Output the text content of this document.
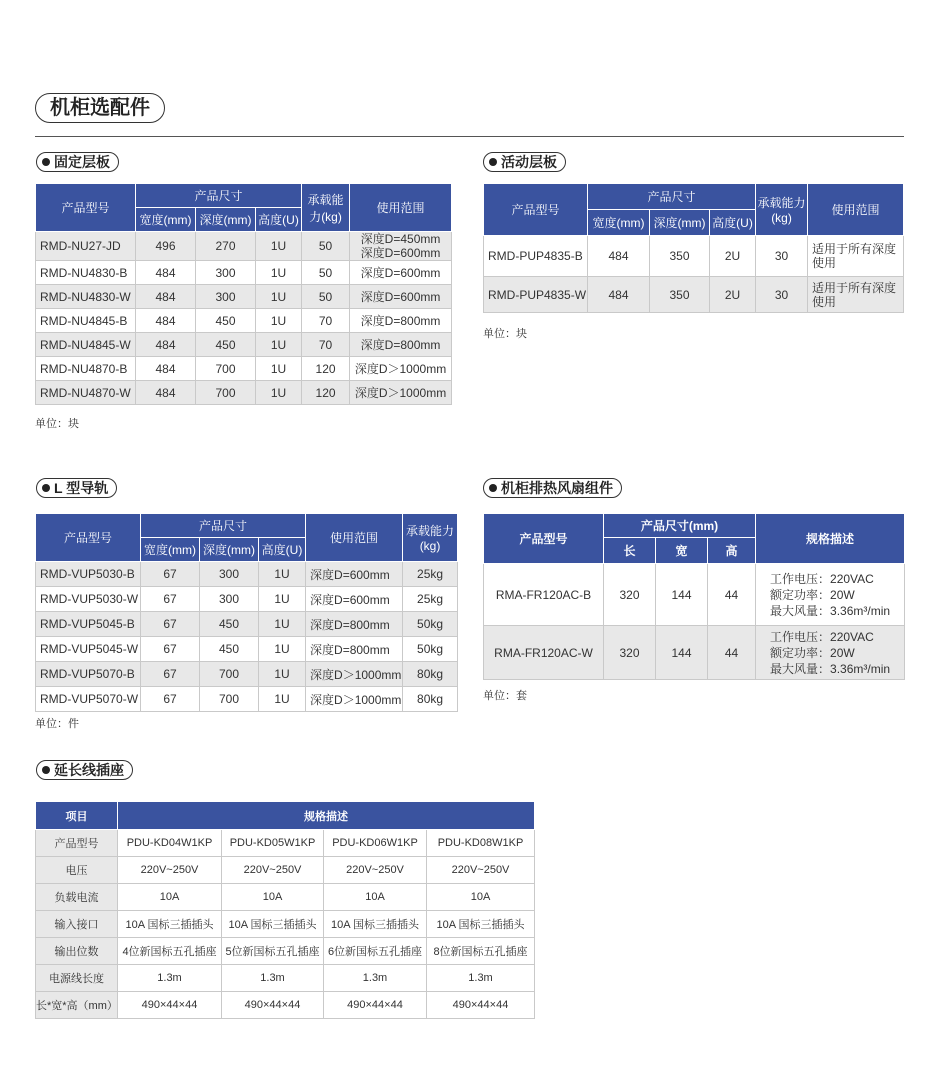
机柜选配件
固定层板
产品型号	产品尺寸			承载能力(kg)	使用范围
	宽度(mm)	深度(mm)	高度(U)		
RMD-NU27-JD	496	270	1U	50	深度D=450mm
深度D=600mm

RMD-NU4830-B	484	300	1U	50	深度D=600mm
RMD-NU4830-W	484	300	1U	50	深度D=600mm
RMD-NU4845-B	484	450	1U	70	深度D=800mm
RMD-NU4845-W	484	450	1U	70	深度D=800mm
RMD-NU4870-B	484	700	1U	120	深度D＞1000mm
RMD-NU4870-W	484	700	1U	120	深度D＞1000mm
单位：块
活动层板
产品型号	产品尺寸			承载能力(kg)	使用范围
	宽度(mm)	深度(mm)	高度(U)		
RMD-PUP4835-B	484	350	2U	30	适用于所有深度
使用

RMD-PUP4835-W	484	350	2U	30	适用于所有深度
使用
单位：块
L 型导轨
产品型号	产品尺寸			使用范围	承载能力(kg)
	宽度(mm)	深度(mm)	高度(U)		
RMD-VUP5030-B	67	300	1U	深度D=600mm	25kg
RMD-VUP5030-W	67	300	1U	深度D=600mm	25kg
RMD-VUP5045-B	67	450	1U	深度D=800mm	50kg
RMD-VUP5045-W	67	450	1U	深度D=800mm	50kg
RMD-VUP5070-B	67	700	1U	深度D＞1000mm	80kg
RMD-VUP5070-W	67	700	1U	深度D＞1000mm	80kg
单位：件
机柜排热风扇组件
产品型号	产品尺寸(mm)			规格描述
	长	宽	高	
RMA-FR120AC-B	320	144	44	工作电压：220VAC
额定功率：20W
最大风量：3.36m³/min

RMA-FR120AC-W	320	144	44	工作电压：220VAC
额定功率：20W
最大风量：3.36m³/min
单位：套
延长线插座
项目	规格描述			
产品型号	PDU-KD04W1KP	PDU-KD05W1KP	PDU-KD06W1KP	PDU-KD08W1KP
电压	220V~250V	220V~250V	220V~250V	220V~250V
负载电流	10A	10A	10A	10A
输入接口	10A 国标三插插头	10A 国标三插插头	10A 国标三插插头	10A 国标三插插头
输出位数	4位新国标五孔插座	5位新国标五孔插座	6位新国标五孔插座	8位新国标五孔插座
电源线长度	1.3m	1.3m	1.3m	1.3m
长*宽*高（mm）	490×44×44	490×44×44	490×44×44	490×44×44
